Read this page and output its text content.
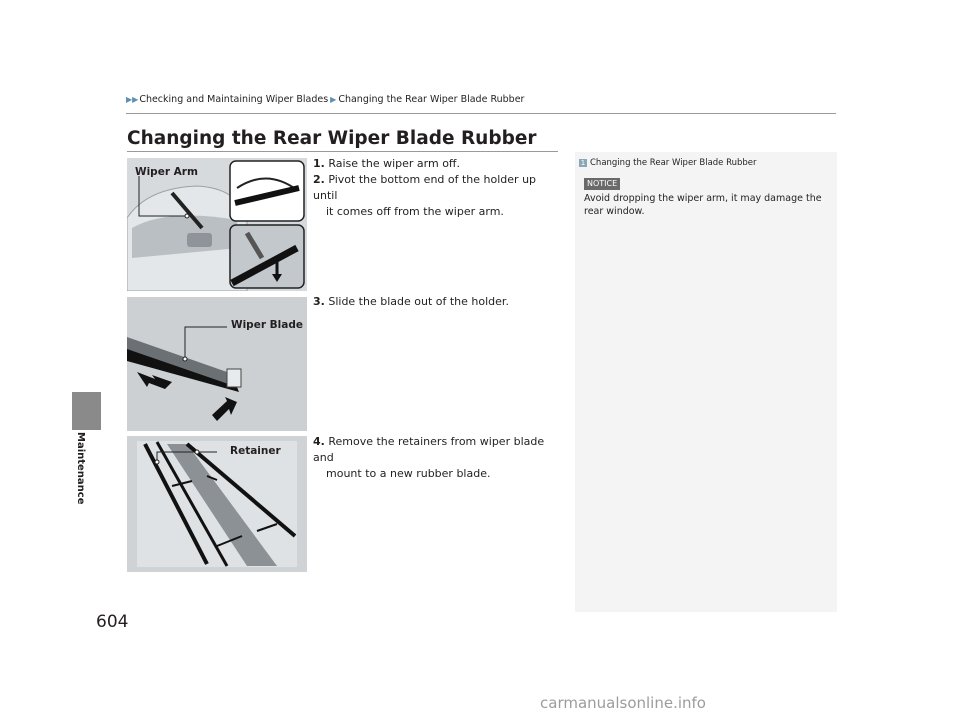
▶▶ Checking and Maintaining Wiper Blades ▶ Changing the Rear Wiper Blade Rubber
Maintenance
604
Changing the Rear Wiper Blade Rubber
Wiper Arm
Wiper Blade
Retainer
1. Raise the wiper arm off.
2. Pivot the bottom end of the holder up until
it comes off from the wiper arm.
3. Slide the blade out of the holder.
4. Remove the retainers from wiper blade and
mount to a new rubber blade.
1 Changing the Rear Wiper Blade Rubber
NOTICE
Avoid dropping the wiper arm, it may damage the rear window.
carmanualsonline.info
